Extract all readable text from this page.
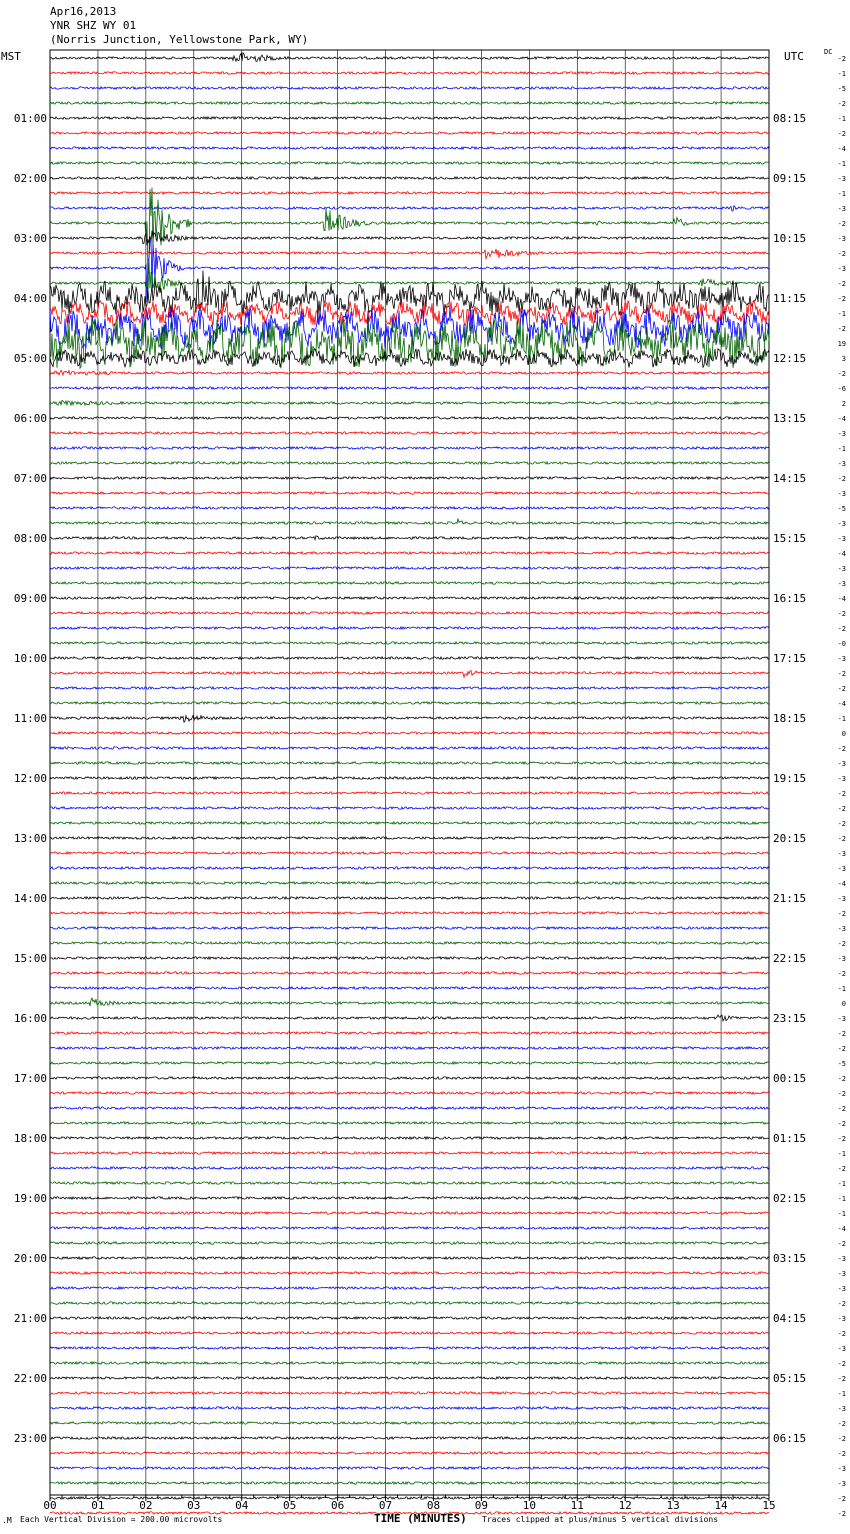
Apr16,2013
YNR SHZ WY 01
(Norris Junction, Yellowstone Park, WY)
MST	UTC	DC
00	01	02	03	04	05	06	07	08	09	10	11	12	13	14	15
-2
-1
-5
-2
-1
-2
-4
-1
-3
-1
-3
-2
-3
-2
-3
-2
-2
-1
-2
19
3
-2
-6
2
-4
-3
-1
-3
-2
-3
-5
-3
-3
-4
-3
-3
-4
-2
-2
-0
-3
-2
-2
-4
-1
0
-2
-3
-3
-2
-2
-2
-2
-3
-3
-4
-3
-2
-3
-2
-3
-2
-1
0
-3
-2
-2
-5
-2
-2
-2
-2
-2
-1
-2
-1
-1
-1
-4
-2
-3
-3
-3
-2
-3
-2
-3
-2
-2
-1
-3
-2
-2
-2
-3
-3
-2
-2
01:00
02:00
03:00
04:00
05:00
06:00
07:00
08:00
09:00
10:00
11:00
12:00
13:00
14:00
15:00
16:00
17:00
18:00
19:00
20:00
21:00
22:00
23:00
08:15
09:15
10:15
11:15
12:15
13:15
14:15
15:15
16:15
17:15
18:15
19:15
20:15
21:15
22:15
23:15
00:15
01:15
02:15
03:15
04:15
05:15
06:15
.M Each Vertical Division = 200.00 microvolts	TIME (MINUTES) Traces clipped at plus/minus 5 vertical divisions
